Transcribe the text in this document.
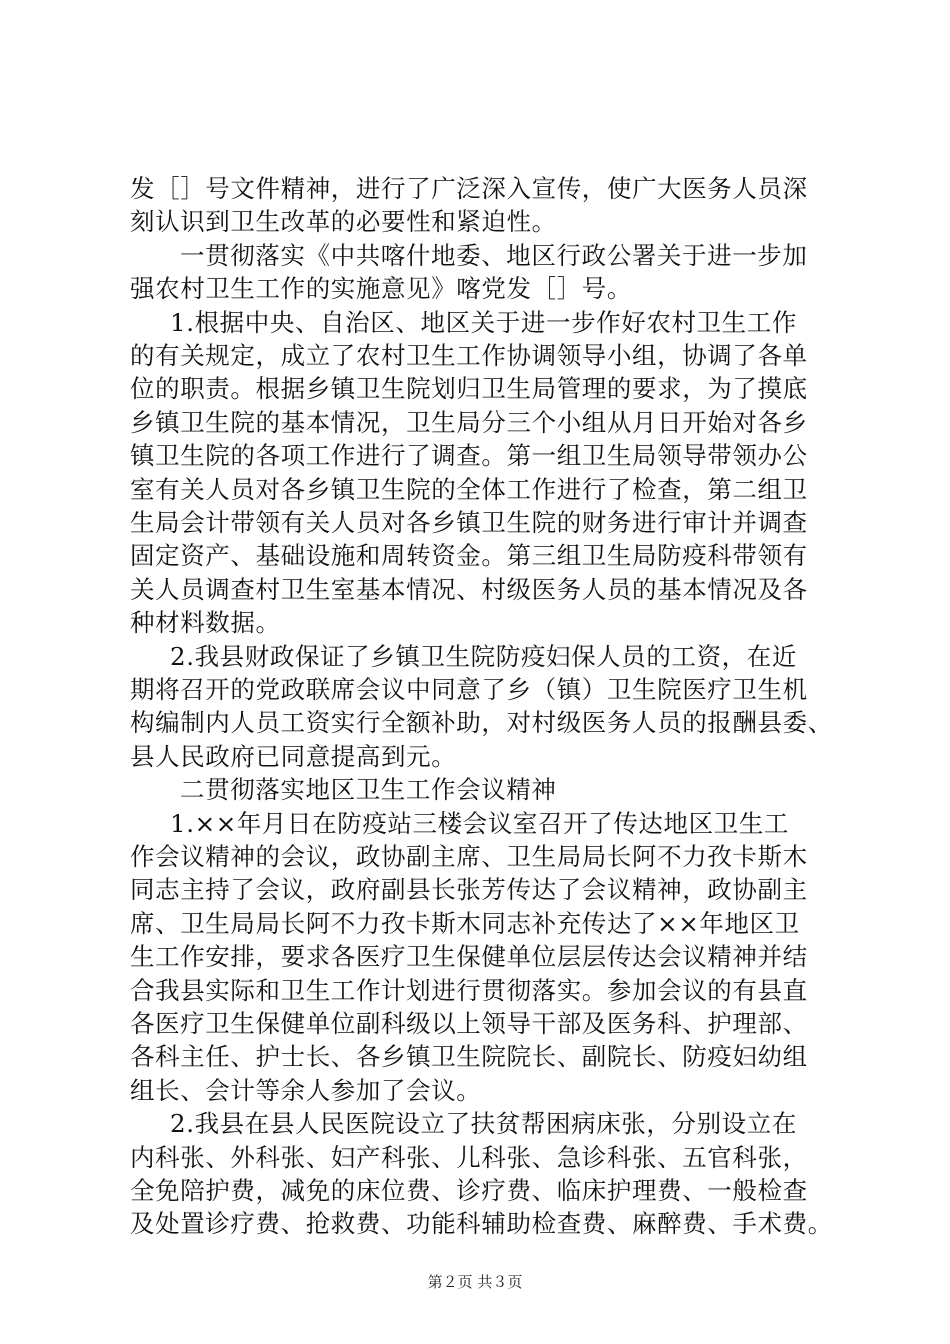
发［］号文件精神，进行了广泛深入宣传，使广大医务人员深
刻认识到卫生改革的必要性和紧迫性。
一贯彻落实《中共喀什地委、地区行政公署关于进一步加
强农村卫生工作的实施意见》喀党发［］号。
1.根据中央、自治区、地区关于进一步作好农村卫生工作
的有关规定，成立了农村卫生工作协调领导小组，协调了各单
位的职责。根据乡镇卫生院划归卫生局管理的要求，为了摸底
乡镇卫生院的基本情况，卫生局分三个小组从月日开始对各乡
镇卫生院的各项工作进行了调查。第一组卫生局领导带领办公
室有关人员对各乡镇卫生院的全体工作进行了检查，第二组卫
生局会计带领有关人员对各乡镇卫生院的财务进行审计并调查
固定资产、基础设施和周转资金。第三组卫生局防疫科带领有
关人员调查村卫生室基本情况、村级医务人员的基本情况及各
种材料数据。
2.我县财政保证了乡镇卫生院防疫妇保人员的工资，在近
期将召开的党政联席会议中同意了乡（镇）卫生院医疗卫生机
构编制内人员工资实行全额补助，对村级医务人员的报酬县委、
县人民政府已同意提高到元。
二贯彻落实地区卫生工作会议精神
1.××年月日在防疫站三楼会议室召开了传达地区卫生工
作会议精神的会议，政协副主席、卫生局局长阿不力孜卡斯木
同志主持了会议，政府副县长张芳传达了会议精神，政协副主
席、卫生局局长阿不力孜卡斯木同志补充传达了××年地区卫
生工作安排，要求各医疗卫生保健单位层层传达会议精神并结
合我县实际和卫生工作计划进行贯彻落实。参加会议的有县直
各医疗卫生保健单位副科级以上领导干部及医务科、护理部、
各科主任、护士长、各乡镇卫生院院长、副院长、防疫妇幼组
组长、会计等余人参加了会议。
2.我县在县人民医院设立了扶贫帮困病床张，分别设立在
内科张、外科张、妇产科张、儿科张、急诊科张、五官科张，
全免陪护费，减免的床位费、诊疗费、临床护理费、一般检查
及处置诊疗费、抢救费、功能科辅助检查费、麻醉费、手术费。
第２页 共３页
